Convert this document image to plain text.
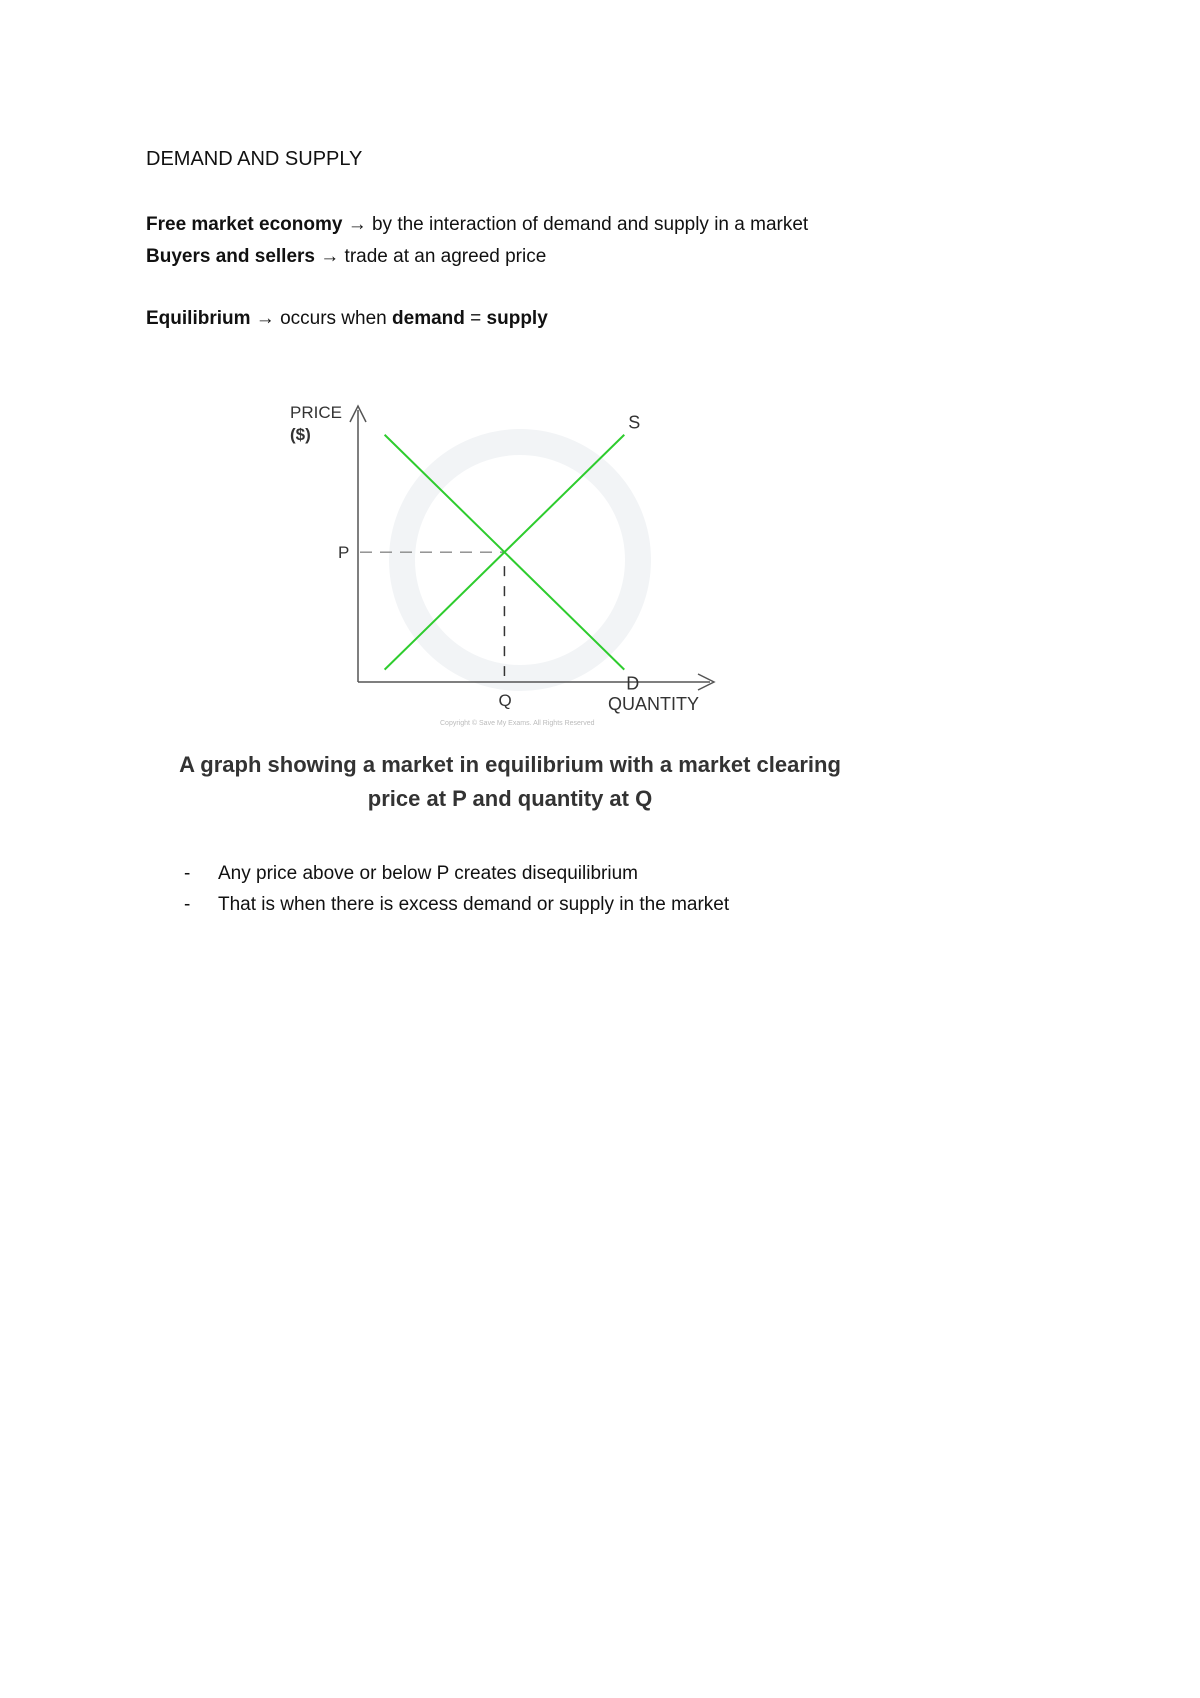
DEMAND AND SUPPLY
Free market economy → by the interaction of demand and supply in a market
Buyers and sellers → trade at an agreed price
Equilibrium → occurs when demand = supply
PRICE
($)
QUANTITY
P
Q
S
D
Copyright © Save My Exams. All Rights Reserved
A graph showing a market in equilibrium with a market clearing
price at P and quantity at Q
- Any price above or below P creates disequilibrium
- That is when there is excess demand or supply in the market
